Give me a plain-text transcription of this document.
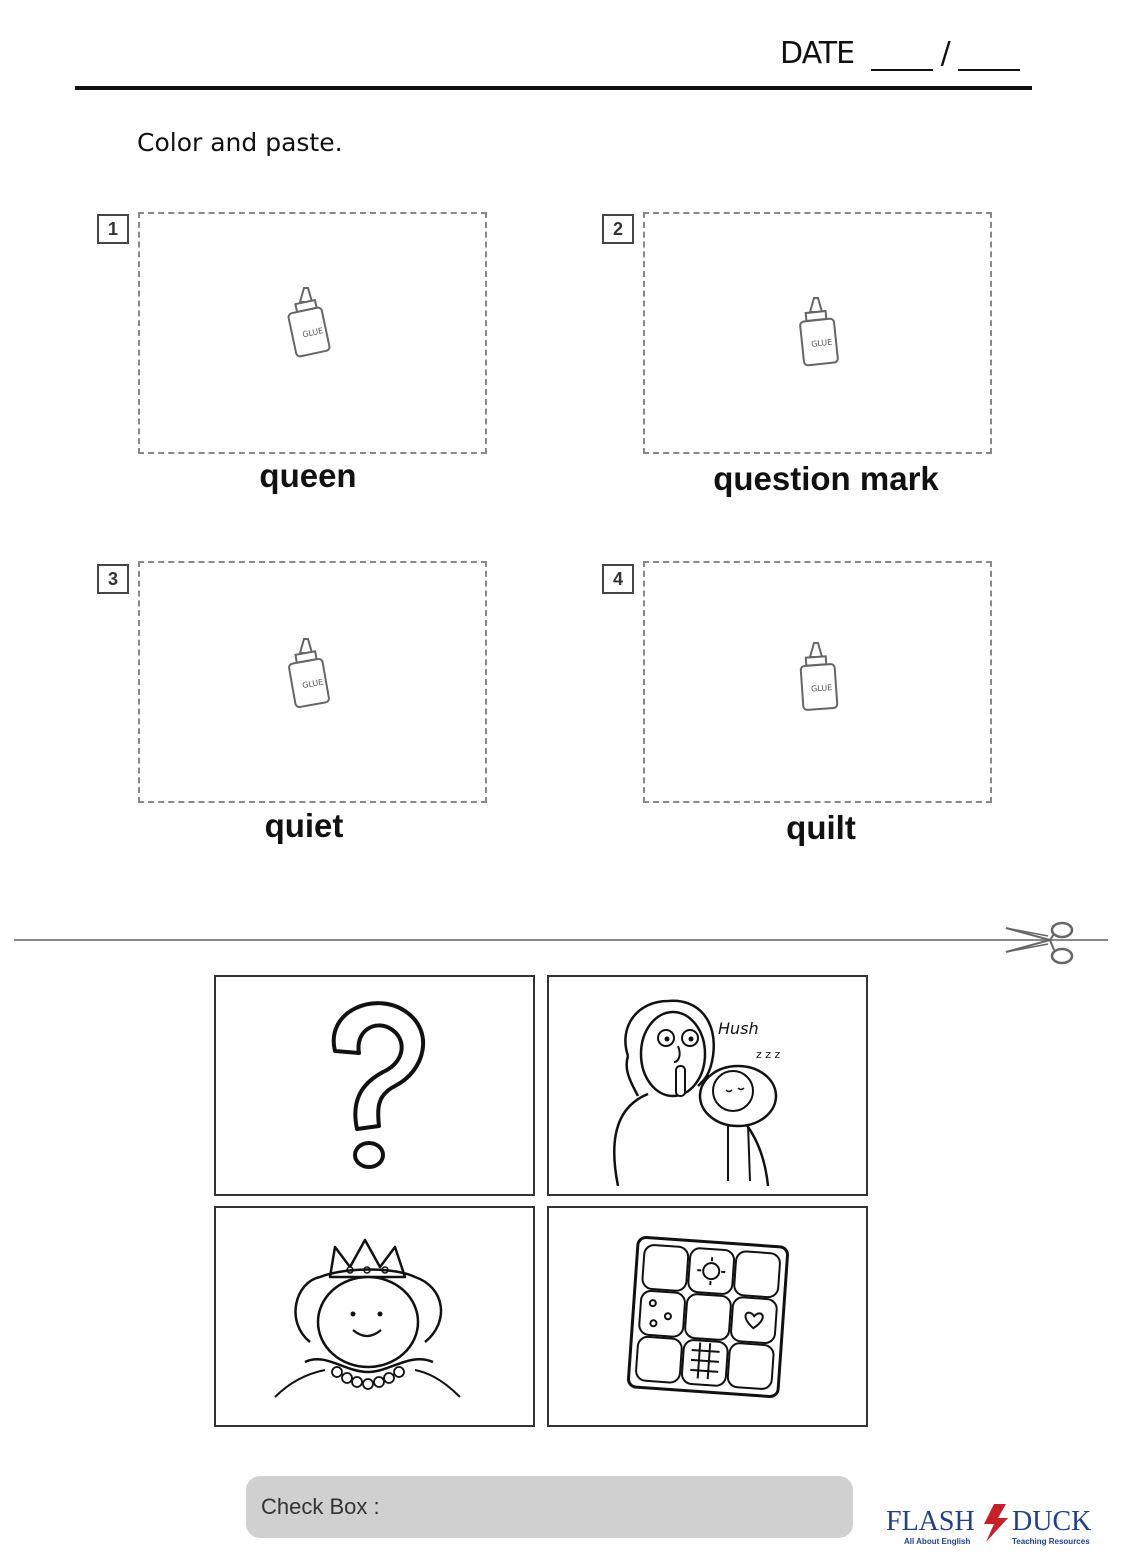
DATE	/
Color and paste.
1
GLUE
queen
2
GLUE
question mark
3
GLUE
quiet
4
GLUE
quilt
Hush
z z z
Check Box :	FLASH DUCK
All About English	Teaching Resources
